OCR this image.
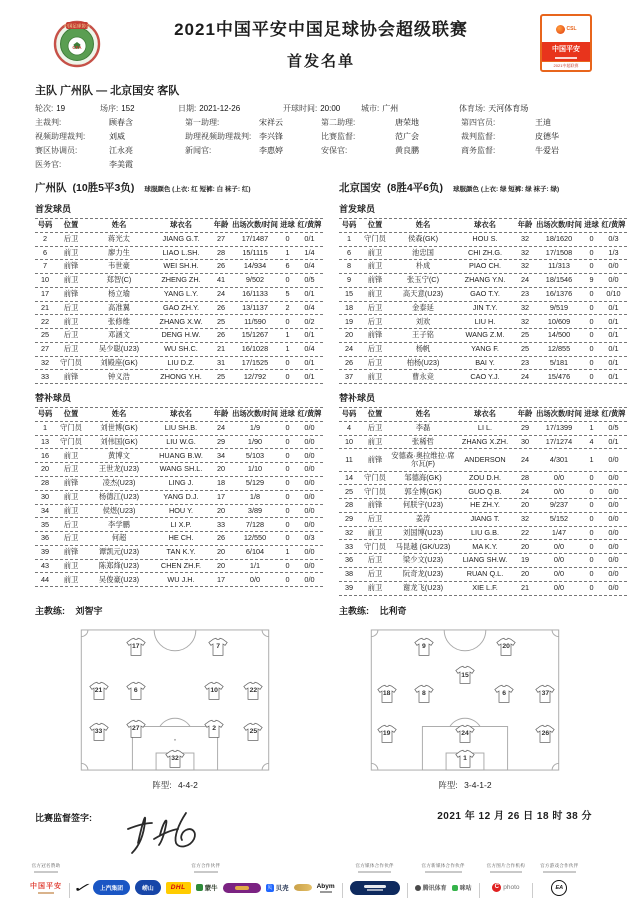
中国足球协会
CFA
2021中国平安中国足球协会超级联赛
首发名单
CSL
中国平安
2021中超联赛
主队 广州队 — 北京国安 客队
轮次: 19	场序: 152	日期: 2021-12-26	开球时间: 20:00	城市: 广州	体育场: 天河体育场
主裁判:	顾春含	第一助理:	宋祥云	第二助理:	唐荣地	第四官员:	王迪
视频助理裁判:	刘威	助理视频助理裁判: 李兴锋	比赛监督:	范广会	裁判监督:	皮德华
赛区协调员:	江永亮	新闻官:	李惠婷	安保官:	黄良鹏	商务监督:	牛爱岩
医务官:	李美霞
广州队 (10胜5平3负) 球服颜色 (上衣: 红 短裤: 白 袜子: 红)
首发球员
号码	位置	姓名	球衣名	年龄 出场次数/时间 进球 红/黄牌
2	后卫	蒋光太	JIANG G.T.	27	17/1487	0	0/1
6	前卫	廖力生	LIAO L.SH.	28	15/1115	1	1/4
7	前锋	韦世豪	WEI SH.H.	26	14/934	6	0/4
10	前卫	郑智(C)	ZHENG ZH.	41	9/502	0	0/5
17	前锋	杨立瑜	YANG L.Y.	24	16/1133	5	0/1
21	后卫	高准翼	GAO ZH.Y.	26	13/1137	2	0/4
22	前卫	张修维	ZHANG X.W.	25	11/590	0	0/2
25	后卫	邓涵文	DENG H.W.	26	15/1267	1	0/1
27	后卫	吴少聪(U23)	WU SH.C.	21	16/1028	1	0/4
32	守门员	刘殿座(GK)	LIU D.Z.	31	17/1525	0	0/1
33	前锋	钟义浩	ZHONG Y.H.	25	12/792	0	0/1
替补球员
号码	位置	姓名	球衣名	年龄 出场次数/时间 进球 红/黄牌
1	守门员	刘世博(GK)	LIU SH.B.	24	1/9	0	0/0
13	守门员	刘伟国(GK)	LIU W.G.	29	1/90	0	0/0
16	前卫	黄博文	HUANG B.W.	34	5/103	0	0/0
20	后卫	王世龙(U23)	WANG SH.L.	20	1/10	0	0/0
28	前锋	凌杰(U23)	LING J.	18	5/129	0	0/0
30	前卫	杨德江(U23)	YANG D.J.	17	1/8	0	0/0
34	前卫	侯煜(U23)	HOU Y.	20	3/89	0	0/0
35	后卫	李学鹏	LI X.P.	33	7/128	0	0/0
36	后卫	何超	HE CH.	26	12/550	0	0/3
39	前锋	谭凯元(U23)	TAN K.Y.	20	6/104	1	0/0
43	前卫	陈郑烽(U23)	CHEN ZH.F.	20	1/1	0	0/0
44	前卫	吴俊豪(U23)	WU J.H.	17	0/0	0	0/0
主教练: 刘智宇
北京国安 (8胜4平6负) 球服颜色 (上衣: 绿 短裤: 绿 袜子: 绿)
首发球员
号码	位置	姓名	球衣名	年龄 出场次数/时间 进球 红/黄牌
1	守门员	侯森(GK)	HOU S.	32	18/1620	0	0/3
6	前卫	池忠国	CHI ZH.G.	32	17/1508	0	1/3
8	前卫	朴成	PIAO CH.	32	11/313	0	0/0
9	前锋	张玉宁(C)	ZHANG Y.N.	24	18/1546	9	0/0
15	前卫	高天意(U23)	GAO T.Y.	23	16/1376	0	0/10
18	后卫	金泰延	JIN T.Y.	32	9/519	0	0/1
19	后卫	刘欢	LIU H.	32	10/609	0	0/1
20	前锋	王子铭	WANG Z.M.	25	14/500	0	0/1
24	后卫	杨帆	YANG F.	25	12/855	0	0/1
26	后卫	柏杨(U23)	BAI Y.	23	5/181	0	0/1
37	前卫	曹永竞	CAO Y.J.	24	15/476	0	0/1
替补球员
号码	位置	姓名	球衣名	年龄 出场次数/时间 进球 红/黄牌
4	后卫	李磊	LI L.	29	17/1399	1	0/5
10	前卫	张稀哲	ZHANG X.ZH.	30	17/1274	4	0/1
11	前锋	安德森·奥拉维拉·席尔瓦(F)	ANDERSON	24	4/301	1	0/0
14	守门员	邹德海(GK)	ZOU D.H.	28	0/0	0	0/0
25	守门员	郭全博(GK)	GUO Q.B.	24	0/0	0	0/0
28	前锋	何朕宇(U23)	HE ZH.Y.	20	9/237	0	0/0
29	后卫	姜涛	JIANG T.	32	5/152	0	0/0
32	前卫	刘国博(U23)	LIU G.B.	22	1/47	0	0/0
33	守门员	马昆越 (GK/U23)	MA K.Y.	20	0/0	0	0/0
36	后卫	梁少文(U23)	LIANG SH.W.	19	0/0	0	0/0
38	后卫	阮奇龙(U23)	RUAN Q.L.	20	0/0	0	0/0
39	前卫	谢龙飞(U23)	XIE L.F.	21	0/0	0	0/0
主教练: 比利奇
17	7
21	6	10	22
33	27	2	25
32
阵型: 4-4-2
9	20
15
18	8	6	37
19	24	26
1
阵型: 3-4-1-2
比赛监督签字:	2021 年 12 月 26 日 18 时 38 分
官方冠名赞助
中国平安
官方合作伙伴
✓
上汽集团	崂山	DHL	蒙牛	贝 贝壳	Abym
官方媒体合作伙伴	官方新媒体合作伙伴
腾讯体育 咪咕
官方图片合作机构
C photo
官方游戏合作伙伴
EA
